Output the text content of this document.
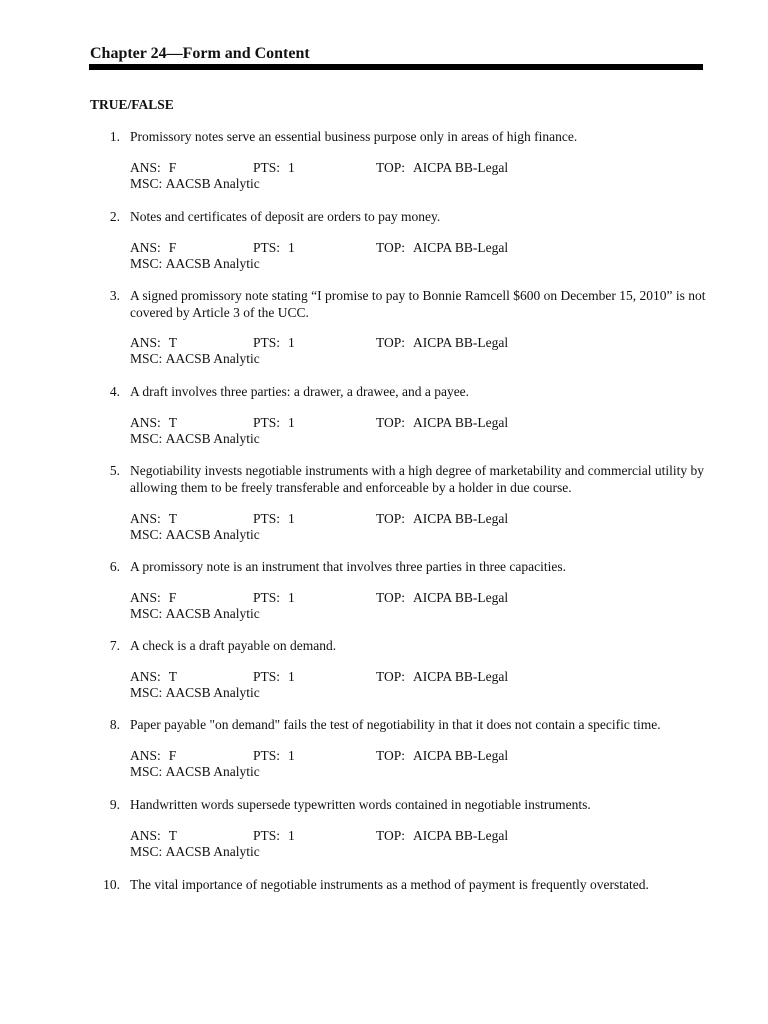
Chapter 24—Form and Content
TRUE/FALSE
1. Promissory notes serve an essential business purpose only in areas of high finance.
ANS: F	PTS: 1	TOP: AICPA BB-Legal
MSC: AACSB Analytic
2. Notes and certificates of deposit are orders to pay money.
ANS: F	PTS: 1	TOP: AICPA BB-Legal
MSC: AACSB Analytic
3. A signed promissory note stating “I promise to pay to Bonnie Ramcell $600 on December 15, 2010” is not covered by Article 3 of the UCC.
ANS: T	PTS: 1	TOP: AICPA BB-Legal
MSC: AACSB Analytic
4. A draft involves three parties: a drawer, a drawee, and a payee.
ANS: T	PTS: 1	TOP: AICPA BB-Legal
MSC: AACSB Analytic
5. Negotiability invests negotiable instruments with a high degree of marketability and commercial utility by allowing them to be freely transferable and enforceable by a holder in due course.
ANS: T	PTS: 1	TOP: AICPA BB-Legal
MSC: AACSB Analytic
6. A promissory note is an instrument that involves three parties in three capacities.
ANS: F	PTS: 1	TOP: AICPA BB-Legal
MSC: AACSB Analytic
7. A check is a draft payable on demand.
ANS: T	PTS: 1	TOP: AICPA BB-Legal
MSC: AACSB Analytic
8. Paper payable "on demand" fails the test of negotiability in that it does not contain a specific time.
ANS: F	PTS: 1	TOP: AICPA BB-Legal
MSC: AACSB Analytic
9. Handwritten words supersede typewritten words contained in negotiable instruments.
ANS: T	PTS: 1	TOP: AICPA BB-Legal
MSC: AACSB Analytic
10. The vital importance of negotiable instruments as a method of payment is frequently overstated.
